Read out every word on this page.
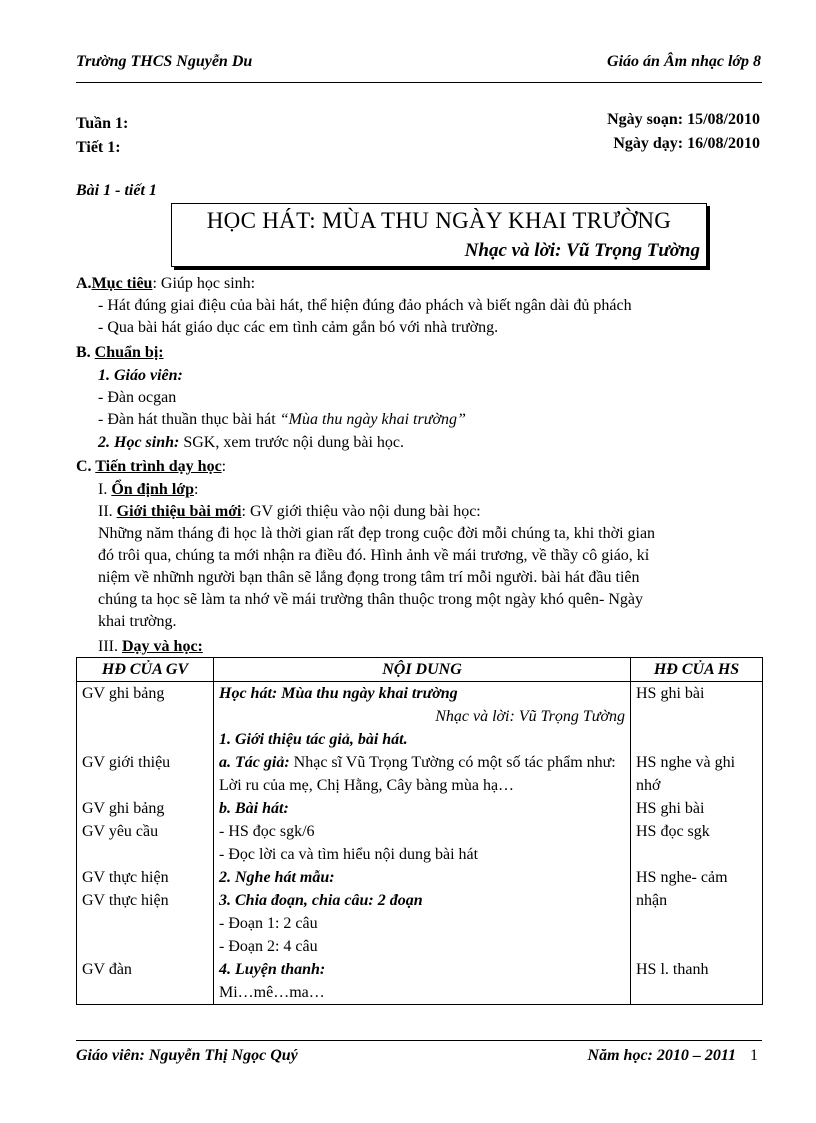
Trường THCS Nguyễn Du	Giáo án Âm nhạc lớp 8
Tuần 1:
Tiết 1:
Ngày soạn: 15/08/2010
Ngày dạy: 16/08/2010
Bài 1 - tiết 1
HỌC HÁT: MÙA THU NGÀY KHAI TRƯỜNG
Nhạc và lời: Vũ Trọng Tường
A.Mục tiêu: Giúp học sinh:
- Hát đúng giai điệu của bài hát, thể hiện đúng đảo phách và biết ngân dài đủ phách
- Qua bài hát giáo dục các em tình cảm gắn bó với nhà trường.
B. Chuẩn bị:
1. Giáo viên:
- Đàn ocgan
- Đàn hát thuần thục bài hát “Mùa thu ngày khai trường”
2. Học sinh: SGK, xem trước nội dung bài học.
C. Tiến trình dạy học:
I. Ổn định lớp:
II. Giới thiệu bài mới: GV giới thiệu vào nội dung bài học:
Những năm tháng đi học là thời gian rất đẹp trong cuộc đời mỗi chúng ta, khi thời gian
đó trôi qua, chúng ta mới nhận ra điều đó. Hình ảnh về mái trương, về thầy cô giáo, kỉ
niệm về nhữnh người bạn thân sẽ lắng đọng trong tâm trí mỗi người. bài hát đầu tiên
chúng ta học sẽ làm ta nhớ về mái trường thân thuộc trong một ngày khó quên- Ngày
khai trường.
III. Dạy và học:
HĐ CỦA GV	NỘI DUNG	HĐ CỦA HS
GV ghi bảng	Học hát: Mùa thu ngày khai trường	HS ghi bài
	Nhạc và lời: Vũ Trọng Tường	
	1. Giới thiệu tác giả, bài hát.	
GV giới thiệu	a. Tác giả: Nhạc sĩ Vũ Trọng Tường có một số tác phẩm như: Lời ru của mẹ, Chị Hằng, Cây bàng mùa hạ…	HS nghe và ghi nhớ
GV ghi bảng	b. Bài hát:	HS ghi bài
GV yêu cầu	- HS đọc sgk/6	HS đọc sgk
	- Đọc lời ca và tìm hiểu nội dung bài hát	
GV thực hiện	2. Nghe hát mẫu:	HS nghe- cảm
GV thực hiện	3. Chia đoạn, chia câu: 2 đoạn	nhận
	- Đoạn 1: 2 câu	
	- Đoạn 2: 4 câu	
GV đàn	4. Luyện thanh:	HS l. thanh
	Mi…mê…ma…	
Giáo viên: Nguyễn Thị Ngọc Quý	Năm học: 2010 – 2011 1
